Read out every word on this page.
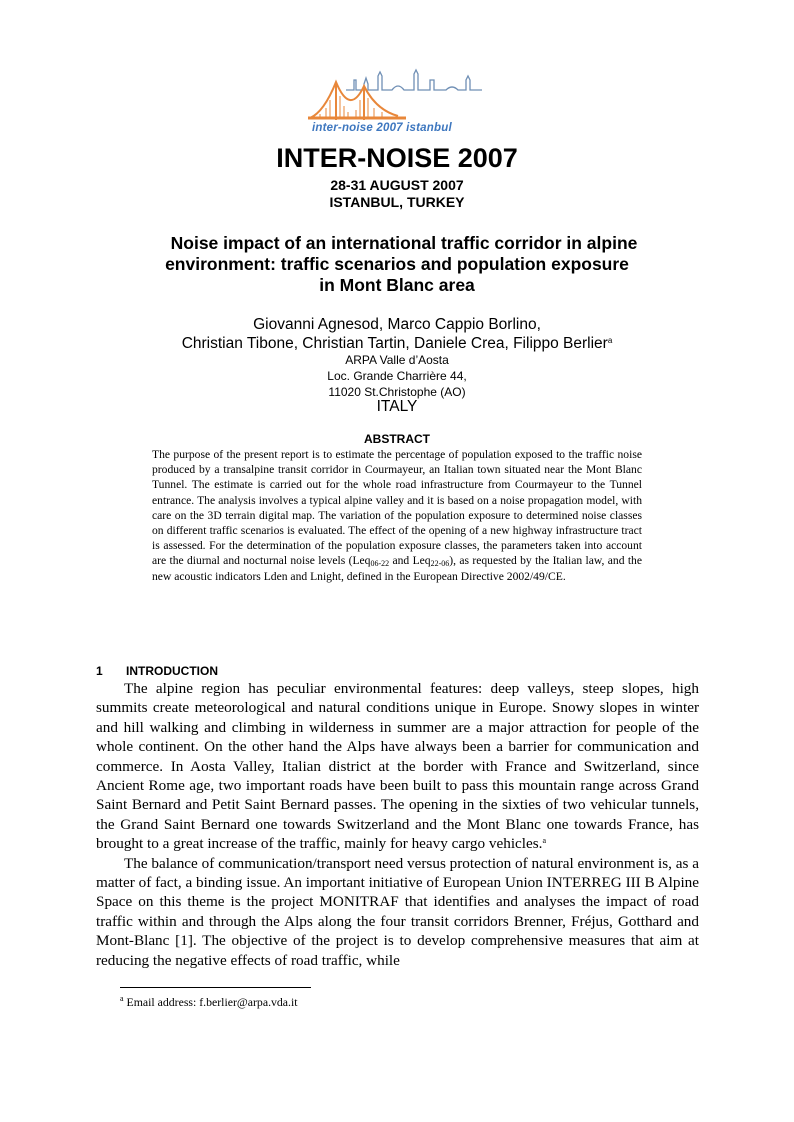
inter-noise 2007 istanbul
INTER-NOISE 2007
28-31 AUGUST 2007
ISTANBUL, TURKEY
Noise impact of an international traffic corridor in alpine
environment: traffic scenarios and population exposure
in Mont Blanc area
Giovanni Agnesod, Marco Cappio Borlino,
Christian Tibone, Christian Tartin, Daniele Crea, Filippo Berlier$^a$
ARPA Valle d’Aosta
Loc. Grande Charrière 44,
11020 St.Christophe (AO)
ITALY
ABSTRACT
The purpose of the present report is to estimate the percentage of population exposed to the traffic noise produced by a transalpine transit corridor in Courmayeur, an Italian town situated near the Mont Blanc Tunnel. The estimate is carried out for the whole road infrastructure from Courmayeur to the Tunnel entrance. The analysis involves a typical alpine valley and it is based on a noise propagation model, with care on the 3D terrain digital map. The variation of the population exposure to determined noise classes on different traffic scenarios is evaluated. The effect of the opening of a new highway infrastructure tract is assessed. For the determination of the population exposure classes, the parameters taken into account are the diurnal and nocturnal noise levels (Leq$_{06-22}$ and Leq$_{22-06}$), as requested by the Italian law, and the new acoustic indicators Lden and Lnight, defined in the European Directive 2002/49/CE.
1 INTRODUCTION

The alpine region has peculiar environmental features: deep valleys, steep slopes, high summits create meteorological and natural conditions unique in Europe. Snowy slopes in winter and hill walking and climbing in wilderness in summer are a major attraction for people of the whole continent. On the other hand the Alps have always been a barrier for communication and commerce. In Aosta Valley, Italian district at the border with France and Switzerland, since Ancient Rome age, two important roads have been built to pass this mountain range across Grand Saint Bernard and Petit Saint Bernard passes. The opening in the sixties of two vehicular tunnels, the Grand Saint Bernard one towards Switzerland and the Mont Blanc one towards France, has brought to a great increase of the traffic, mainly for heavy cargo vehicles.$^a$

The balance of communication/transport need versus protection of natural environment is, as a matter of fact, a binding issue. An important initiative of European Union INTERREG III B Alpine Space on this theme is the project MONITRAF that identifies and analyses the impact of road traffic within and through the Alps along the four transit corridors Brenner, Fréjus, Gotthard and Mont-Blanc [1]. The objective of the project is to develop comprehensive measures that aim at reducing the negative effects of road traffic, while

$^a$ Email address: f.berlier@arpa.vda.it
